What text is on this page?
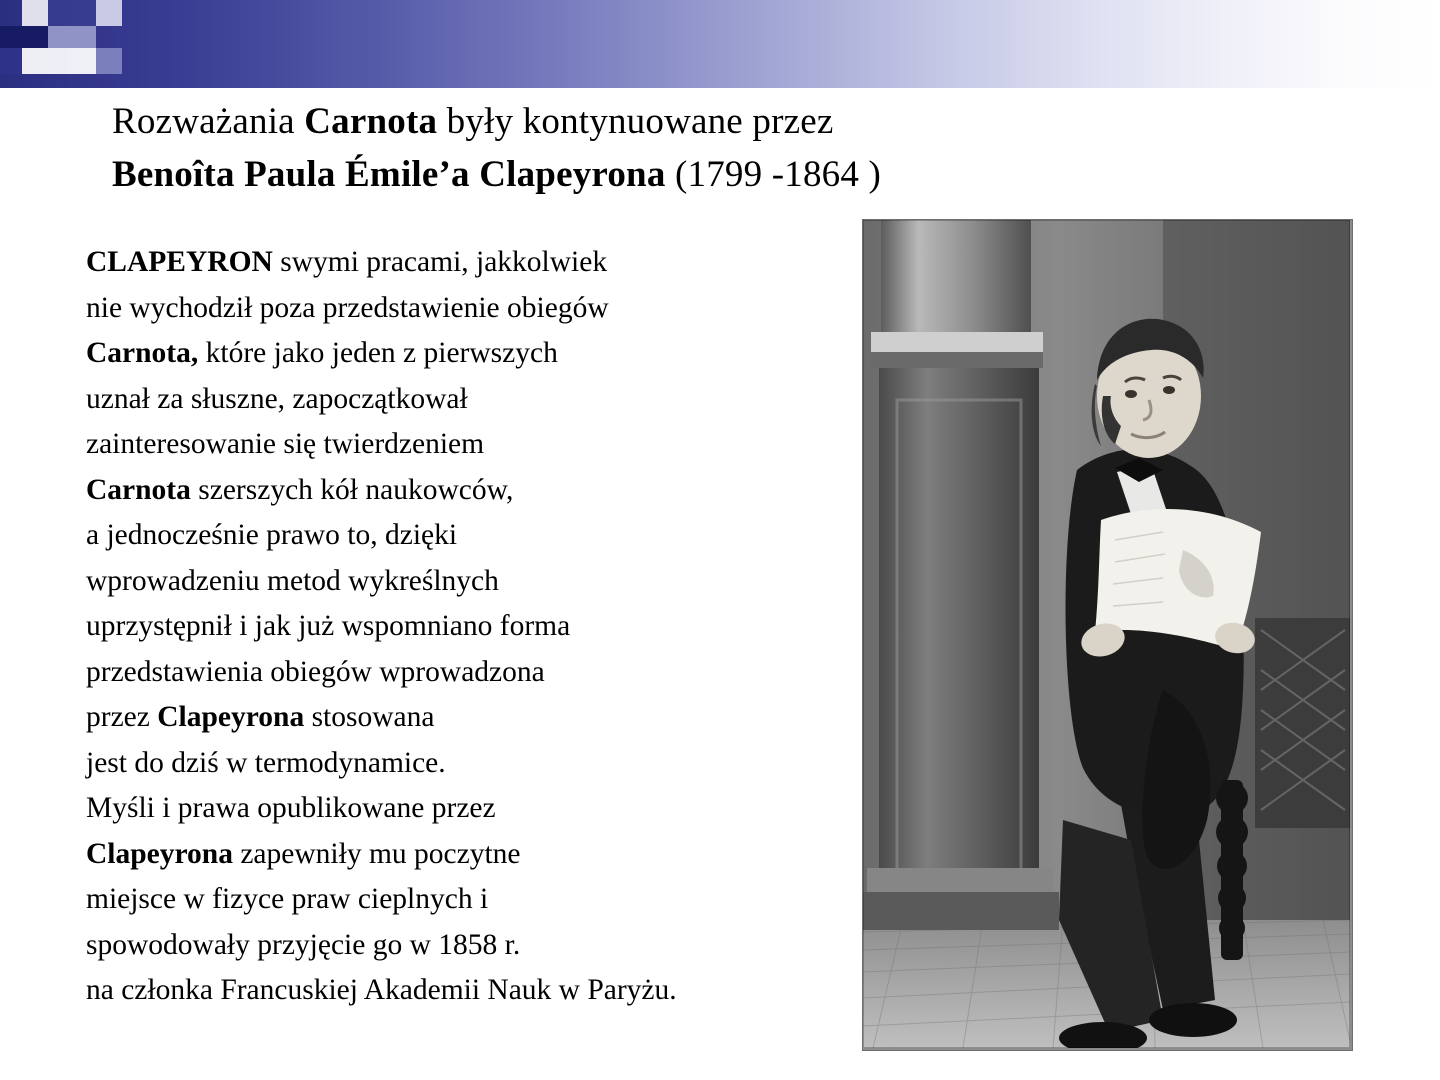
Rozważania Carnota były kontynuowane przez
Benoîta Paula Émile’a Clapeyrona (1799 -1864 )
CLAPEYRON swymi pracami, jakkolwiek
nie wychodził poza przedstawienie obiegów
Carnota, które jako jeden z pierwszych
uznał za słuszne, zapoczątkował
zainteresowanie się twierdzeniem
Carnota szerszych kół naukowców,
a jednocześnie prawo to, dzięki
wprowadzeniu metod wykreślnych
uprzystępnił i jak już wspomniano forma
przedstawienia obiegów wprowadzona
przez Clapeyrona stosowana
jest do dziś w termodynamice.
Myśli i prawa opublikowane przez
Clapeyrona zapewniły mu poczytne
miejsce w fizyce praw cieplnych i
spowodowały przyjęcie go w 1858 r.
na członka Francuskiej Akademii Nauk w Paryżu.
